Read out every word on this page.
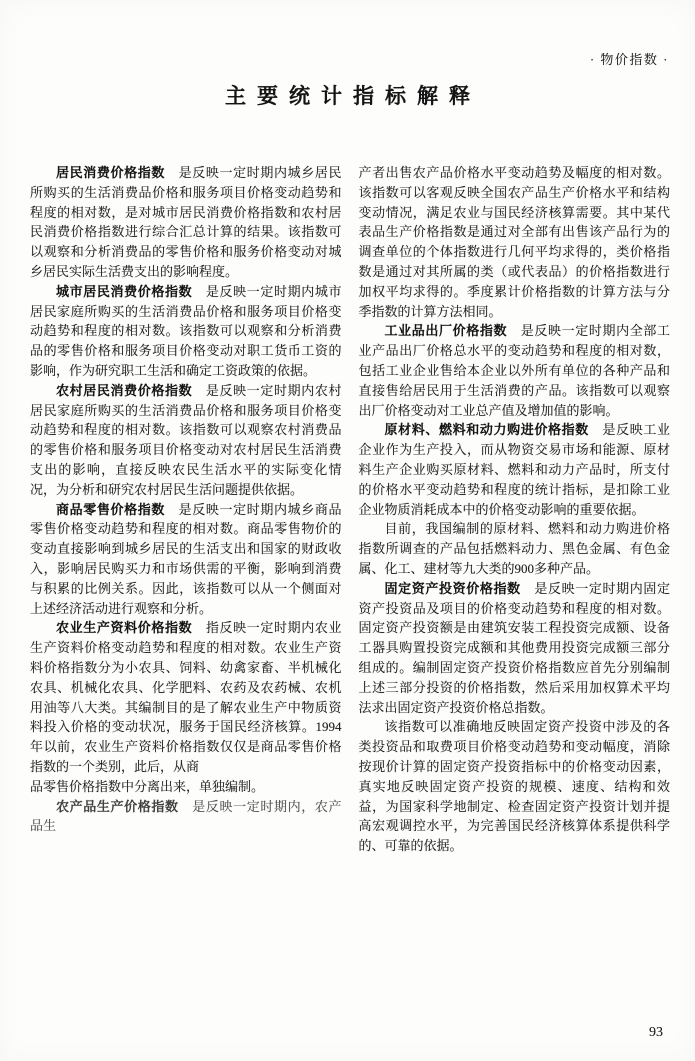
· 物价指数 ·
主要统计指标解释

居民消费价格指数　 是反映一定时期内城乡居民所购买的生活消费品价格和服务项目价格变动趋势和程度的相对数，是对城市居民消费价格指数和农村居民消费价格指数进行综合汇总计算的结果。该指数可以观察和分析消费品的零售价格和服务价格变动对城乡居民实际生活费支出的影响程度。

城市居民消费价格指数　 是反映一定时期内城市居民家庭所购买的生活消费品价格和服务项目价格变动趋势和程度的相对数。该指数可以观察和分析消费品的零售价格和服务项目价格变动对职工货币工资的影响，作为研究职工生活和确定工资政策的依据。

农村居民消费价格指数　 是反映一定时期内农村居民家庭所购买的生活消费品价格和服务项目价格变动趋势和程度的相对数。该指数可以观察农村消费品的零售价格和服务项目价格变动对农村居民生活消费支出的影响，直接反映农民生活水平的实际变化情况，为分析和研究农村居民生活问题提供依据。

商品零售价格指数　 是反映一定时期内城乡商品零售价格变动趋势和程度的相对数。商品零售物价的变动直接影响到城乡居民的生活支出和国家的财政收入，影响居民购买力和市场供需的平衡，影响到消费与积累的比例关系。因此，该指数可以从一个侧面对上述经济活动进行观察和分析。

农业生产资料价格指数　 指反映一定时期内农业生产资料价格变动趋势和程度的相对数。农业生产资料价格指数分为小农具、饲料、幼禽家畜、半机械化农具、机械化农具、化学肥料、农药及农药械、农机用油等八大类。其编制目的是了解农业生产中物质资料投入价格的变动状况，服务于国民经济核算。1994年以前，农业生产资料价格指数仅仅是商品零售价格指数的一个类别，此后，从商

品零售价格指数中分离出来，单独编制。

农产品生产价格指数　 是反映一定时期内，农产品生

产者出售农产品价格水平变动趋势及幅度的相对数。该指数可以客观反映全国农产品生产价格水平和结构变动情况，满足农业与国民经济核算需要。其中某代表品生产价格指数是通过对全部有出售该产品行为的调查单位的个体指数进行几何平均求得的，类价格指数是通过对其所属的类（或代表品）的价格指数进行加权平均求得的。季度累计价格指数的计算方法与分季指数的计算方法相同。

工业品出厂价格指数　 是反映一定时期内全部工业产品出厂价格总水平的变动趋势和程度的相对数，包括工业企业售给本企业以外所有单位的各种产品和直接售给居民用于生活消费的产品。该指数可以观察出厂价格变动对工业总产值及增加值的影响。

原材料、燃料和动力购进价格指数　 是反映工业企业作为生产投入，而从物资交易市场和能源、原材料生产企业购买原材料、燃料和动力产品时，所支付的价格水平变动趋势和程度的统计指标，是扣除工业企业物质消耗成本中的价格变动影响的重要依据。

目前，我国编制的原材料、燃料和动力购进价格指数所调查的产品包括燃料动力、黑色金属、有色金属、化工、建材等九大类的900多种产品。

固定资产投资价格指数　 是反映一定时期内固定资产投资品及项目的价格变动趋势和程度的相对数。固定资产投资额是由建筑安装工程投资完成额、设备工器具购置投资完成额和其他费用投资完成额三部分组成的。编制固定资产投资价格指数应首先分别编制上述三部分投资的价格指数，然后采用加权算术平均法求出固定资产投资价格总指数。

该指数可以准确地反映固定资产投资中涉及的各类投资品和取费项目价格变动趋势和变动幅度，消除按现价计算的固定资产投资指标中的价格变动因素，真实地反映固定资产投资的规模、速度、结构和效益，为国家科学地制定、检查固定资产投资计划并提高宏观调控水平，为完善国民经济核算体系提供科学的、可靠的依据。

93
